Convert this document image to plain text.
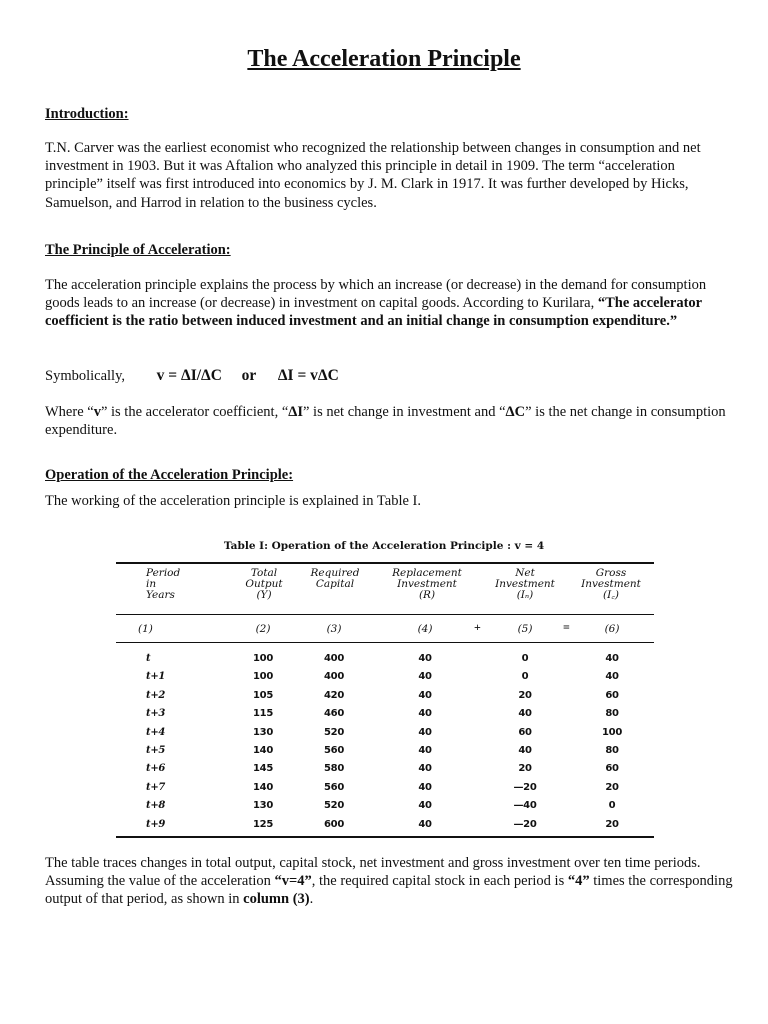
The Acceleration Principle
Introduction:

T.N. Carver was the earliest economist who recognized the relationship between changes in consumption and net investment in 1903. But it was Aftalion who analyzed this principle in detail in 1909. The term “acceleration principle” itself was first introduced into economics by J. M. Clark in 1917. It was further developed by Hicks, Samuelson, and Harrod in relation to the business cycles.

The Principle of Acceleration:

The acceleration principle explains the process by which an increase (or decrease) in the demand for consumption goods leads to an increase (or decrease) in investment on capital goods. According to Kurilara, “The accelerator coefficient is the ratio between induced investment and an initial change in consumption expenditure.”

Symbolically, v = ΔI/ΔC or ΔI = vΔC

Where “v” is the accelerator coefficient, “ΔI” is net change in investment and “ΔC” is the net change in consumption expenditure.

Operation of the Acceleration Principle:

The working of the acceleration principle is explained in Table I.

Table I: Operation of the Acceleration Principle : v = 4
Period
in
Years
Total
Output
(Y)
Required
Capital
Replacement
Investment
(R)
Net
Investment
(Iₙ)
Gross
Investment
(I꜀)
(1)	(2)	(3)	(4)	+	(5)	=	(6)
t	100	400	40	0	40
t+1	100	400	40	0	40
t+2	105	420	40	20	60
t+3	115	460	40	40	80
t+4	130	520	40	60	100
t+5	140	560	40	40	80
t+6	145	580	40	20	60
t+7	140	560	40	—20	20
t+8	130	520	40	—40	0
t+9	125	600	40	—20	20

The table traces changes in total output, capital stock, net investment and gross investment over ten time periods. Assuming the value of the acceleration “v=4”, the required capital stock in each period is “4” times the corresponding output of that period, as shown in column (3).
